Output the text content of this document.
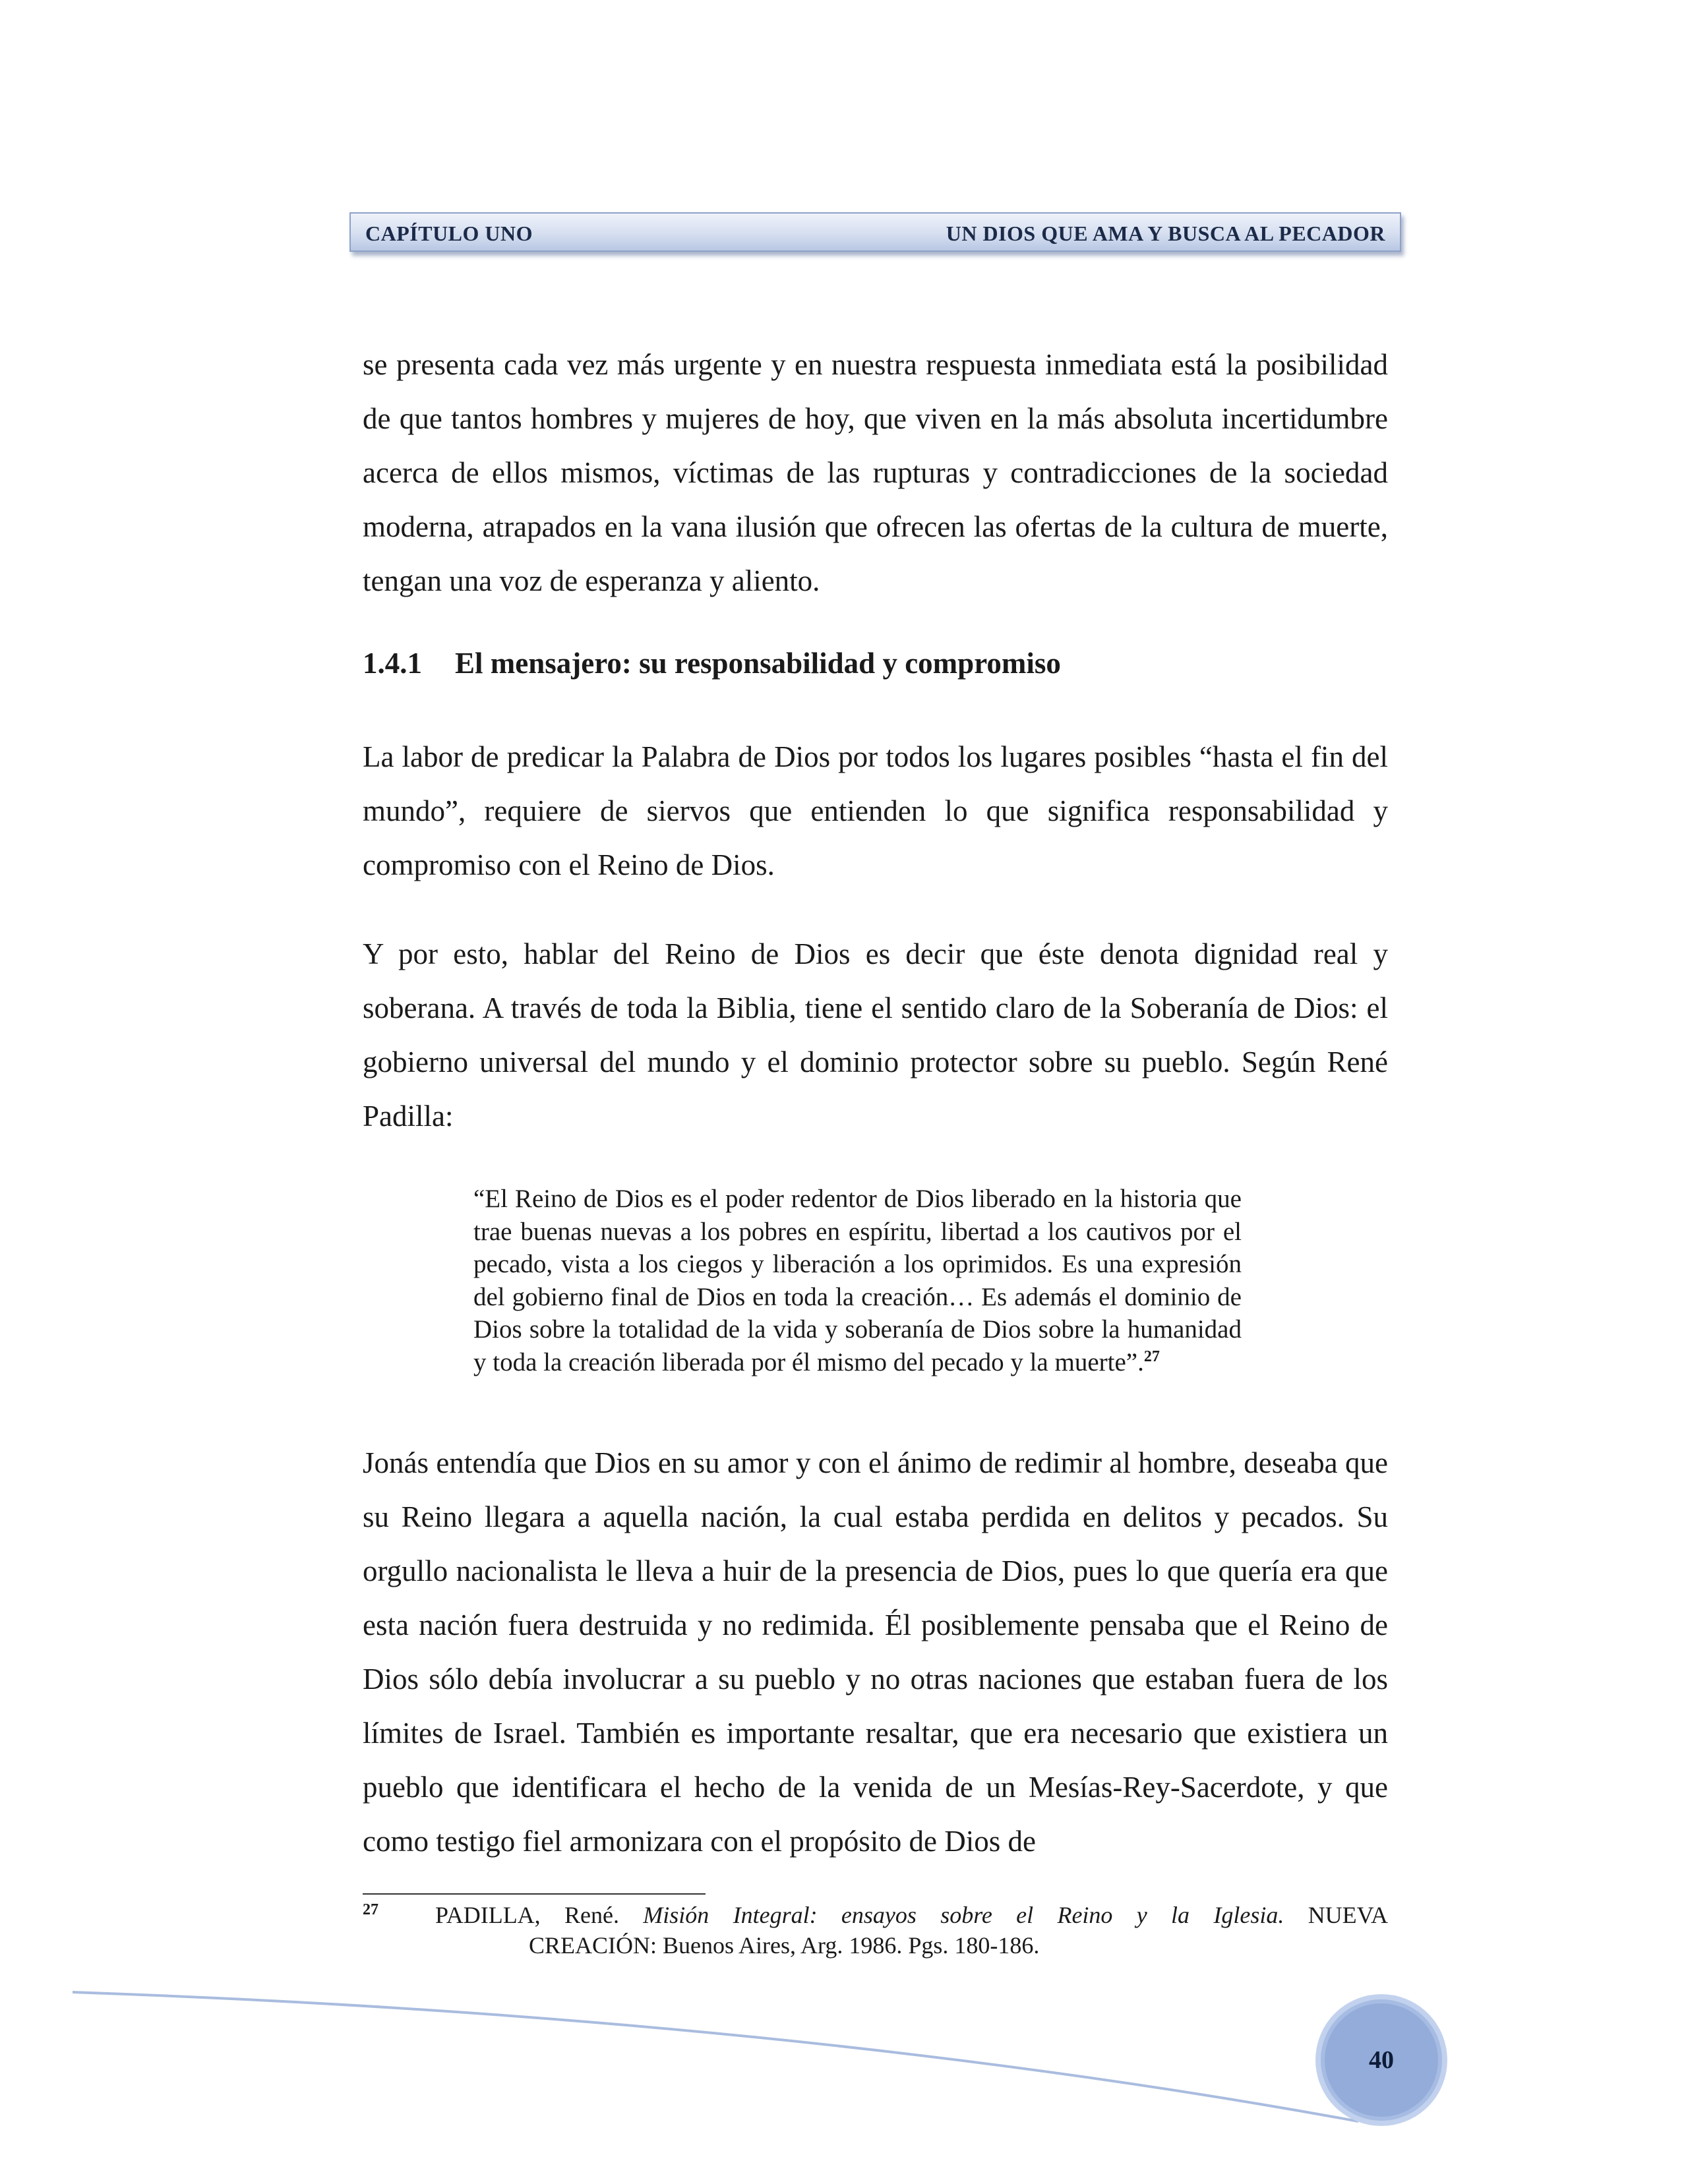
CAPÍTULO UNO	UN DIOS QUE AMA Y BUSCA AL PECADOR

se presenta cada vez más urgente y en nuestra respuesta inmediata está la posibilidad de que tantos hombres y mujeres de hoy, que viven en la más absoluta incertidumbre acerca de ellos mismos, víctimas de las rupturas y contradicciones de la sociedad moderna, atrapados en la vana ilusión que ofrecen las ofertas de la cultura de muerte, tengan una voz de esperanza y aliento.

1.4.1 El mensajero: su responsabilidad y compromiso

La labor de predicar la Palabra de Dios por todos los lugares posibles “hasta el fin del mundo”, requiere de siervos que entienden lo que significa responsabilidad y compromiso con el Reino de Dios.

Y por esto, hablar del Reino de Dios es decir que éste denota dignidad real y soberana. A través de toda la Biblia, tiene el sentido claro de la Soberanía de Dios: el gobierno universal del mundo y el dominio protector sobre su pueblo. Según René Padilla:

“El Reino de Dios es el poder redentor de Dios liberado en la historia que trae buenas nuevas a los pobres en espíritu, libertad a los cautivos por el pecado, vista a los ciegos y liberación a los oprimidos. Es una expresión del gobierno final de Dios en toda la creación… Es además el dominio de Dios sobre la totalidad de la vida y soberanía de Dios sobre la humanidad y toda la creación liberada por él mismo del pecado y la muerte”.$^{27}$

Jonás entendía que Dios en su amor y con el ánimo de redimir al hombre, deseaba que su Reino llegara a aquella nación, la cual estaba perdida en delitos y pecados. Su orgullo nacionalista le lleva a huir de la presencia de Dios, pues lo que quería era que esta nación fuera destruida y no redimida. Él posiblemente pensaba que el Reino de Dios sólo debía involucrar a su pueblo y no otras naciones que estaban fuera de los límites de Israel. También es importante resaltar, que era necesario que existiera un pueblo que identificara el hecho de la venida de un Mesías-Rey-Sacerdote, y que como testigo fiel armonizara con el propósito de Dios de

$^{27}$ PADILLA, René. Misión Integral: ensayos sobre el Reino y la Iglesia. NUEVA
CREACIÓN: Buenos Aires, Arg. 1986. Pgs. 180-186.
40
